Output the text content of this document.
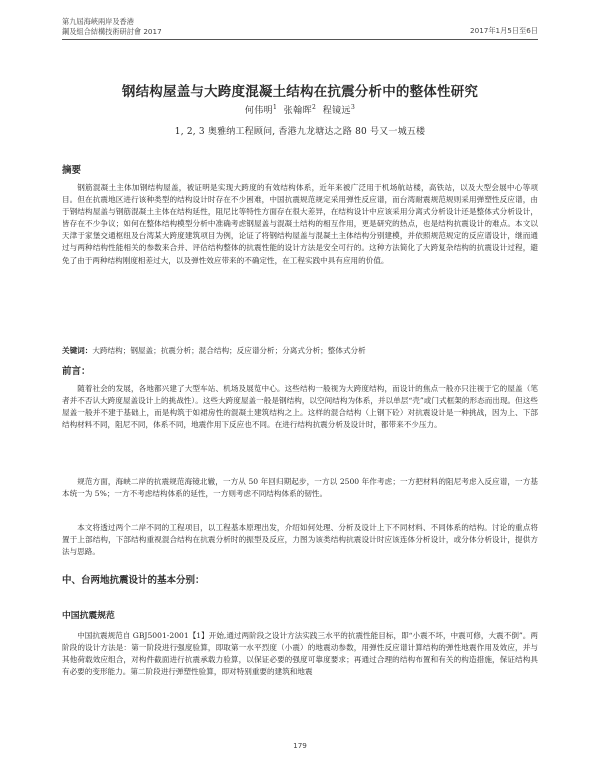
第九屆海峽兩岸及香港
鋼及組合結構技術研討會 2017	2017年1月5日至6日
钢结构屋盖与大跨度混凝土结构在抗震分析中的整体性研究
何伟明$^1$ 张翰晖$^2$ 程镜远$^3$
1, 2, 3 奥雅纳工程顾问, 香港九龙塘达之路 80 号又一城五楼
摘要

钢筋混凝土主体加钢结构屋盖，被证明是实现大跨度的有效结构体系，近年来被广泛用于机场航站楼，高铁站，以及大型会展中心等项目。但在抗震地区进行该种类型的结构设计时存在不少困难，中国抗震规范规定采用弹性反应谱，而台湾耐震规范规则采用弹塑性反应谱，由于钢结构屋盖与钢筋混凝土主体在结构延性，阻尼比等特性方面存在很大差异，在结构设计中应该采用分离式分析设计还是整体式分析设计，皆存在不少争议；如何在整体结构模型分析中准确考虑钢屋盖与混凝土结构的相互作用，更是研究的热点，也是结构抗震设计的难点。本文以天津于家堡交通枢纽及台湾某大跨度建筑项目为例，论证了将钢结构屋盖与混凝土主体结构分别建模，并依照规范规定的反应谱设计，继而通过与两种结构性能相关的参数来合并、评估结构整体的抗震性能的设计方法是安全可行的。这种方法简化了大跨复杂结构的抗震设计过程，避免了由于两种结构刚度相差过大，以及弹性效应带来的不确定性，在工程实践中具有应用的价值。

关键词：大跨结构；钢屋盖；抗震分析；混合结构；反应谱分析；分离式分析；整体式分析
前言：

随着社会的发展，各地都兴建了大型车站、机场及展览中心。这些结构一般视为大跨度结构，而设计的焦点一般亦只注视于它的屋盖（笔者并不否认大跨度屋盖设计上的挑战性）。这些大跨度屋盖一般是钢结构，以空间结构为体系，并以单层“壳”或门式框架的形态而出现。但这些屋盖一般并不建于基础上，而是构筑于如裙房性的混凝土建筑结构之上。这样的混合结构（上钢下砼）对抗震设计是一种挑战，因为上、下部结构材料不同，阻尼不同，体系不同，地震作用下反应也不同。在进行结构抗震分析及设计时，都带来不少压力。

规范方面，海峡二岸的抗震规范海镜北辙，一方从 50 年回归期起步，一方以 2500 年作考虑；一方把材料的阻尼考虑入反应谱，一方基本统一为 5%；一方不考虑结构体系的延性，一方则考虑不同结构体系的韧性。

本文将透过两个二岸不同的工程项目，以工程基本原理出发，介绍如何处理、分析及设计上下不同材料、不同体系的结构。讨论的重点将置于上部结构，下部结构重视混合结构在抗震分析时的振型及反应，力图为该类结构抗震设计时应该连体分析设计，或分体分析设计，提供方法与思路。

中、台两地抗震设计的基本分别：
中国抗震规范

中国抗震规范自 GBJ5001-2001【1】开始,通过两阶段之设计方法实践三水平的抗震性能目标，即“小震不坏，中震可修，大震不倒”。两阶段的设计方法是：第一阶段进行强度验算，即取第一水平烈度（小震）的地震动参数，用弹性反应谱计算结构的弹性地震作用及效应，并与其他荷载效应组合，对构件截面进行抗震承载力验算，以保证必要的强度可靠度要求；再通过合理的结构布置和有关的构造措施，保证结构具有必要的变形能力。第二阶段进行弹塑性验算，即对特别重要的建筑和地震

179
